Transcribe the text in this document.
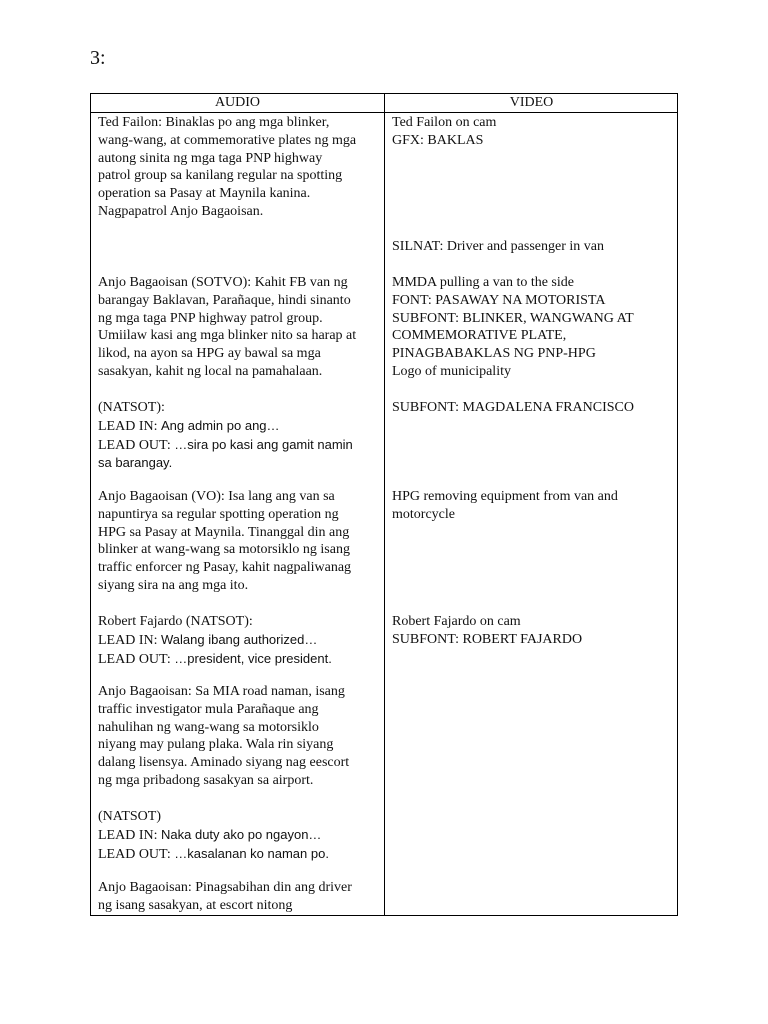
3:
AUDIO	VIDEO
Ted Failon: Binaklas po ang mga blinker,
wang-wang, at commemorative plates ng mga
autong sinita ng mga taga PNP highway
patrol group sa kanilang regular na spotting
operation sa Pasay at Maynila kanina.
Nagpapatrol Anjo Bagaoisan.
Anjo Bagaoisan (SOTVO): Kahit FB van ng
barangay Baklavan, Parañaque, hindi sinanto
ng mga taga PNP highway patrol group.
Umiilaw kasi ang mga blinker nito sa harap at
likod, na ayon sa HPG ay bawal sa mga
sasakyan, kahit ng local na pamahalaan.
(NATSOT):
LEAD IN: Ang admin po ang…
LEAD OUT: …sira po kasi ang gamit namin
sa barangay.
Anjo Bagaoisan (VO): Isa lang ang van sa
napuntirya sa regular spotting operation ng
HPG sa Pasay at Maynila. Tinanggal din ang
blinker at wang-wang sa motorsiklo ng isang
traffic enforcer ng Pasay, kahit nagpaliwanag
siyang sira na ang mga ito.
Robert Fajardo (NATSOT):
LEAD IN: Walang ibang authorized…
LEAD OUT: …president, vice president.
Anjo Bagaoisan: Sa MIA road naman, isang
traffic investigator mula Parañaque ang
nahulihan ng wang-wang sa motorsiklo
niyang may pulang plaka. Wala rin siyang
dalang lisensya. Aminado siyang nag eescort
ng mga pribadong sasakyan sa airport.
(NATSOT)
LEAD IN: Naka duty ako po ngayon…
LEAD OUT: …kasalanan ko naman po.
Anjo Bagaoisan: Pinagsabihan din ang driver
ng isang sasakyan, at escort nitong
Ted Failon on cam
GFX: BAKLAS
SILNAT: Driver and passenger in van
MMDA pulling a van to the side
FONT: PASAWAY NA MOTORISTA
SUBFONT: BLINKER, WANGWANG AT
COMMEMORATIVE PLATE,
PINAGBABAKLAS NG PNP-HPG
Logo of municipality
SUBFONT: MAGDALENA FRANCISCO
HPG removing equipment from van and
motorcycle
Robert Fajardo on cam
SUBFONT: ROBERT FAJARDO
